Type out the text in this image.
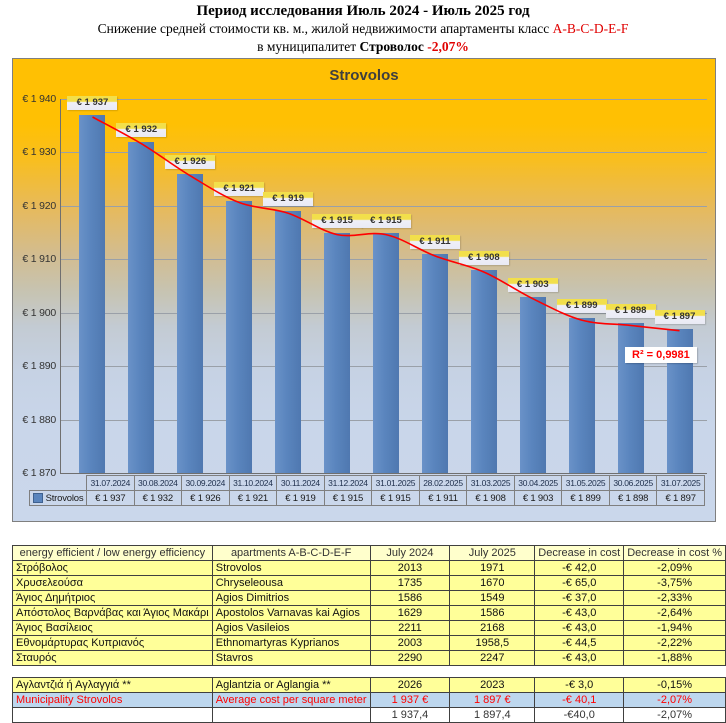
Период исследования Июль 2024 - Июль 2025 год
Снижение средней стоимости кв. м., жилой недвижимости апартаменты класс A-B-C-D-E-F
в муниципалитет Строволос -2,07%
Strovolos
€ 1 940
€ 1 930
€ 1 920
€ 1 910
€ 1 900
€ 1 890
€ 1 880
€ 1 870
€ 1 937
€ 1 932
€ 1 926
€ 1 921
€ 1 919
€ 1 915	€ 1 915
€ 1 911
€ 1 908
€ 1 903
€ 1 899	€ 1 898	€ 1 897
R² = 0,9981
31.07.2024 30.08.2024 30.09.2024 31.10.2024 30.11.2024 31.12.2024 31.01.2025 28.02.2025 31.03.2025 30.04.2025 31.05.2025 30.06.2025 31.07.2025
Strovolos	€ 1 937	€ 1 932	€ 1 926	€ 1 921	€ 1 919	€ 1 915	€ 1 915	€ 1 911	€ 1 908	€ 1 903	€ 1 899	€ 1 898	€ 1 897
energy efficient / low energy efficiency	apartments A-B-C-D-E-F	July 2024	July 2025	Decrease in cost	Decrease in cost %
Στρόβολος	Strovolos	2013	1971	-€ 42,0	-2,09%
Χρυσελεούσα	Chryseleousa	1735	1670	-€ 65,0	-3,75%
Άγιος Δημήτριος	Agios Dimitrios	1586	1549	-€ 37,0	-2,33%
Απόστολος Βαρνάβας και Άγιος Μακάρι	Apostolos Varnavas kai Agios	1629	1586	-€ 43,0	-2,64%
Άγιος Βασίλειος	Agios Vasileios	2211	2168	-€ 43,0	-1,94%
Εθνομάρτυρας Κυπριανός	Ethnomartyras Kyprianos	2003	1958,5	-€ 44,5	-2,22%
Σταυρός	Stavros	2290	2247	-€ 43,0	-1,88%

Αγλαντζιά ή Αγλαγγιά **	Aglantzia or Aglangia **	2026	2023	-€ 3,0	-0,15%
Municipality Strovolos	Average cost per square meter	1 937 €	1 897 €	-€ 40,1	-2,07%
		1 937,4	1 897,4	-€40,0	-2,07%
